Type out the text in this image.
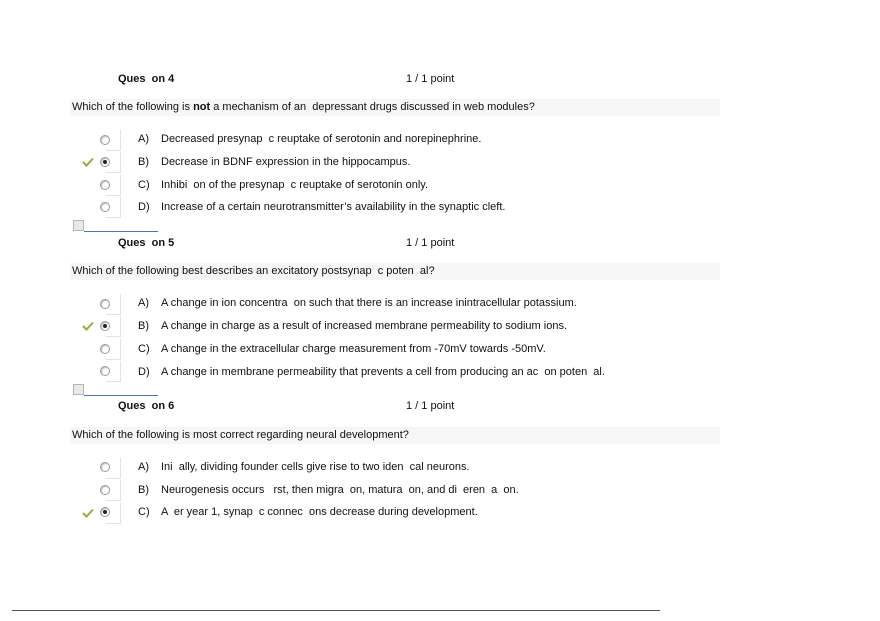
Ques  on 4	1 / 1 point
Which of the following is not a mechanism of an  depressant drugs discussed in web modules?
A) Decreased presynap  c reuptake of serotonin and norepinephrine.
B) Decrease in BDNF expression in the hippocampus.
C) Inhibi  on of the presynap  c reuptake of serotonin only.
D) Increase of a certain neurotransmitter’s availability in the synaptic cleft.
Ques  on 5	1 / 1 point
Which of the following best describes an excitatory postsynap  c poten  al?
A) A change in ion concentra  on such that there is an increase inintracellular potassium.
B) A change in charge as a result of increased membrane permeability to sodium ions.
C) A change in the extracellular charge measurement from -70mV towards -50mV.
D) A change in membrane permeability that prevents a cell from producing an ac  on poten  al.
Ques  on 6	1 / 1 point
Which of the following is most correct regarding neural development?
A) Ini  ally, dividing founder cells give rise to two iden  cal neurons.
B) Neurogenesis occurs   rst, then migra  on, matura  on, and di  eren  a  on.
C) A  er year 1, synap  c connec  ons decrease during development.
